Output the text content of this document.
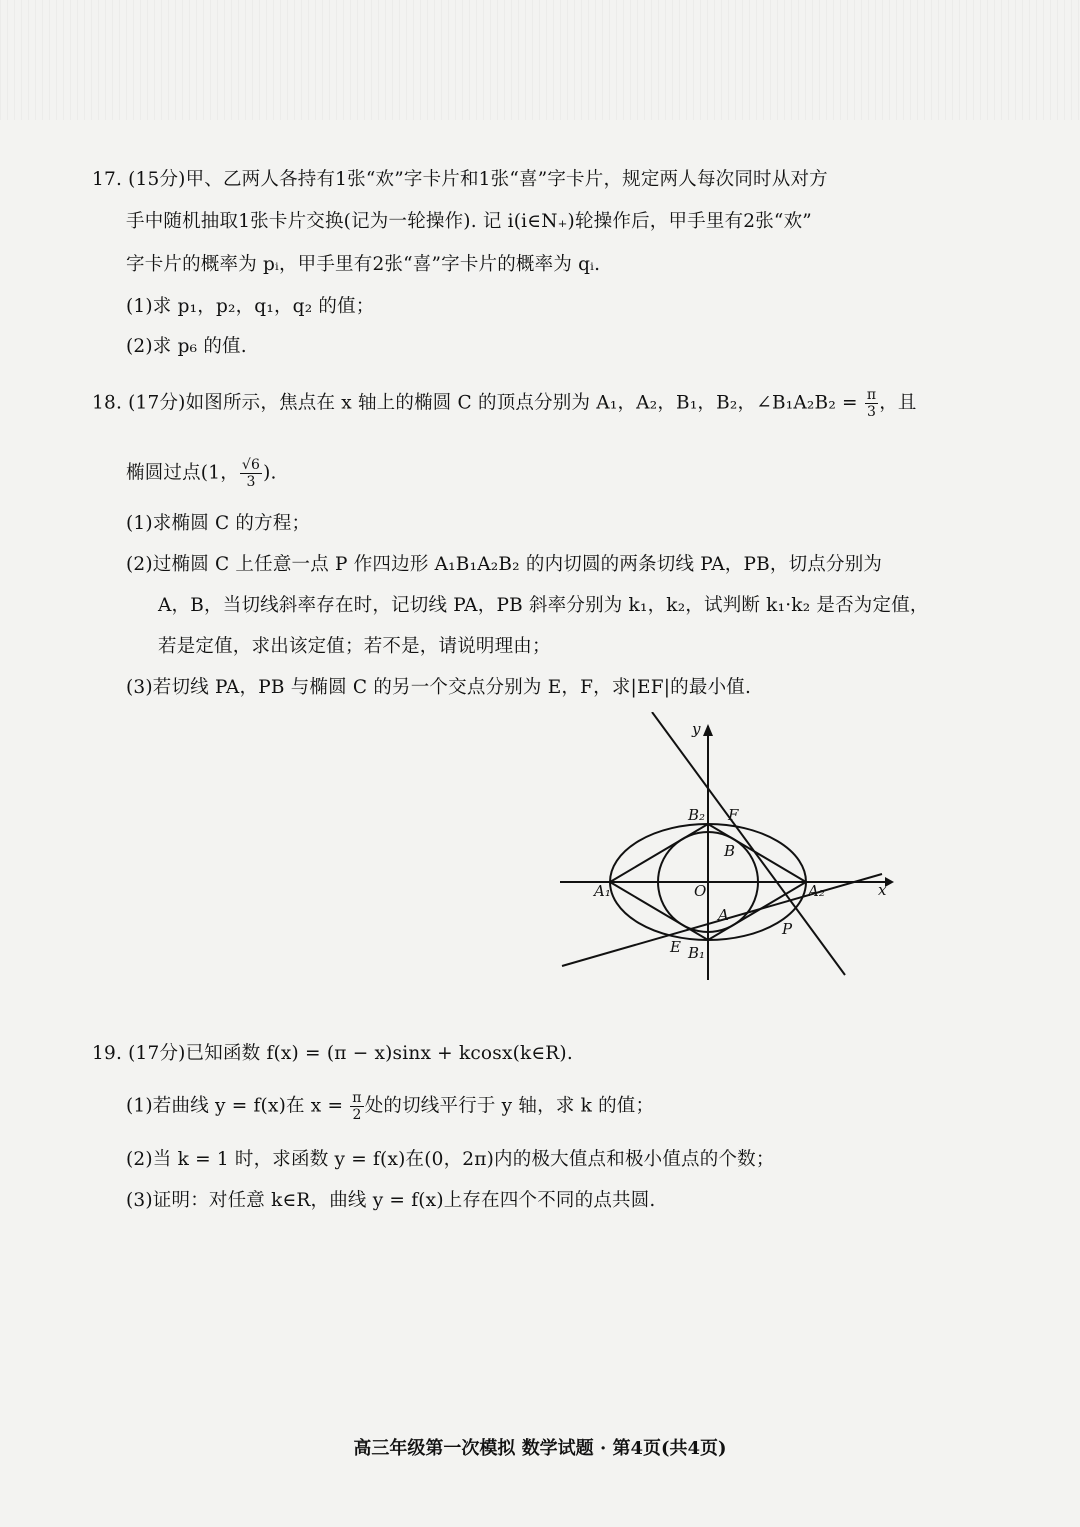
17. (15分)甲、乙两人各持有1张“欢”字卡片和1张“喜”字卡片，规定两人每次同时从对方
手中随机抽取1张卡片交换(记为一轮操作). 记 i(i∈N₊)轮操作后，甲手里有2张“欢”
字卡片的概率为 pᵢ，甲手里有2张“喜”字卡片的概率为 qᵢ.
(1)求 p₁，p₂，q₁，q₂ 的值；
(2)求 p₆ 的值.
18. (17分)如图所示，焦点在 x 轴上的椭圆 C 的顶点分别为 A₁，A₂，B₁，B₂，∠B₁A₂B₂ = $\frac{\pi}{3}$ ，且
椭圆过点(1， $\frac{√6}{3}$ ).
(1)求椭圆 C 的方程；
(2)过椭圆 C 上任意一点 P 作四边形 A₁B₁A₂B₂ 的内切圆的两条切线 PA，PB，切点分别为
A，B，当切线斜率存在时，记切线 PA，PB 斜率分别为 k₁，k₂，试判断 k₁·k₂ 是否为定值，
若是定值，求出该定值；若不是，请说明理由；
(3)若切线 PA，PB 与椭圆 C 的另一个交点分别为 E，F，求|EF|的最小值.
y
x
O
A₁	A₂
B₂
B₁
F
B
A
E
P
19. (17分)已知函数 f(x) = (π − x)sinx + kcosx(k∈R).
(1)若曲线 y = f(x)在 $x = \frac{\pi}{2}$ 处的切线平行于 y 轴，求 k 的值；
(2)当 k = 1 时，求函数 y = f(x)在(0，2π)内的极大值点和极小值点的个数；
(3)证明：对任意 k∈R，曲线 y = f(x)上存在四个不同的点共圆.
高三年级第一次模拟 数学试题 · 第4页(共4页)
